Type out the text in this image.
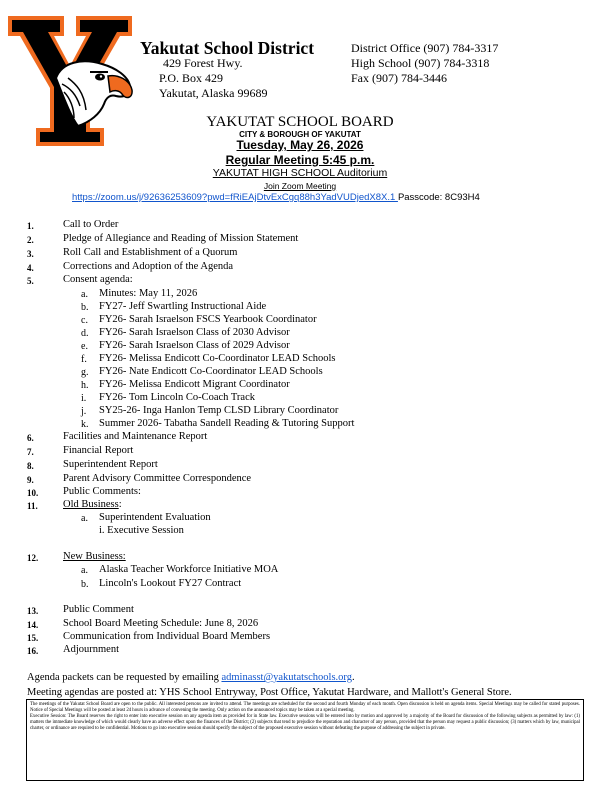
Yakutat School District
429 Forest Hwy.
P.O. Box 429
Yakutat, Alaska 99689
District Office (907) 784-3317
High School (907) 784-3318
Fax (907) 784-3446
YAKUTAT SCHOOL BOARD
CITY & BOROUGH OF YAKUTAT
Tuesday, May 26, 2026
Regular Meeting 5:45 p.m.
YAKUTAT HIGH SCHOOL Auditorium
Join Zoom Meeting
https://zoom.us/j/92636253609?pwd=fRiEAjDtvExCgq88h3YadVUDjedX8X.1 Passcode: 8C93H4
1.	Call to Order
2.	Pledge of Allegiance and Reading of Mission Statement
3.	Roll Call and Establishment of a Quorum
4.	Corrections and Adoption of the Agenda
5.	Consent agenda:
a. Minutes: May 11, 2026
b. FY27- Jeff Swartling Instructional Aide
c. FY26- Sarah Israelson FSCS Yearbook Coordinator
d. FY26- Sarah Israelson Class of 2030 Advisor
e. FY26- Sarah Israelson Class of 2029 Advisor
f. FY26- Melissa Endicott Co-Coordinator LEAD Schools
g. FY26- Nate Endicott Co-Coordinator LEAD Schools
h. FY26- Melissa Endicott Migrant Coordinator
i. FY26- Tom Lincoln Co-Coach Track
j. SY25-26- Inga Hanlon Temp CLSD Library Coordinator
k. Summer 2026- Tabatha Sandell Reading & Tutoring Support
6.	Facilities and Maintenance Report
7.	Financial Report
8.	Superintendent Report
9.	Parent Advisory Committee Correspondence
10. Public Comments:
11. Old Business:
a. Superintendent Evaluation
i. Executive Session
12. New Business:
a. Alaska Teacher Workforce Initiative MOA
b. Lincoln's Lookout FY27 Contract
13. Public Comment
14. School Board Meeting Schedule: June 8, 2026
15. Communication from Individual Board Members
16. Adjournment
Agenda packets can be requested by emailing adminasst@yakutatschools.org.
Meeting agendas are posted at: YHS School Entryway, Post Office, Yakutat Hardware, and Mallott's General Store.

The meetings of the Yakutat School Board are open to the public. All interested persons are invited to attend. The meetings are scheduled for the second and fourth Monday of each month. Open discussion is held on agenda items. Special Meetings may be called for stated purposes. Notice of Special Meetings will be posted at least 24 hours in advance of convening the meeting. Only action on the announced topics may be taken at a special meeting.

Executive Session: The Board reserves the right to enter into executive session on any agenda item as provided for in State law. Executive sessions will be entered into by motion and approved by a majority of the Board for discussion of the following subjects as permitted by law: (1) matters the immediate knowledge of which would clearly have an adverse effect upon the finances of the District; (2) subjects that tend to prejudice the reputation and character of any person, provided that the person may request a public discussion; (3) matters which by law, municipal charter, or ordinance are required to be confidential. Motions to go into executive session should specify the subject of the proposed executive session without defeating the purpose of addressing the subject in private.
